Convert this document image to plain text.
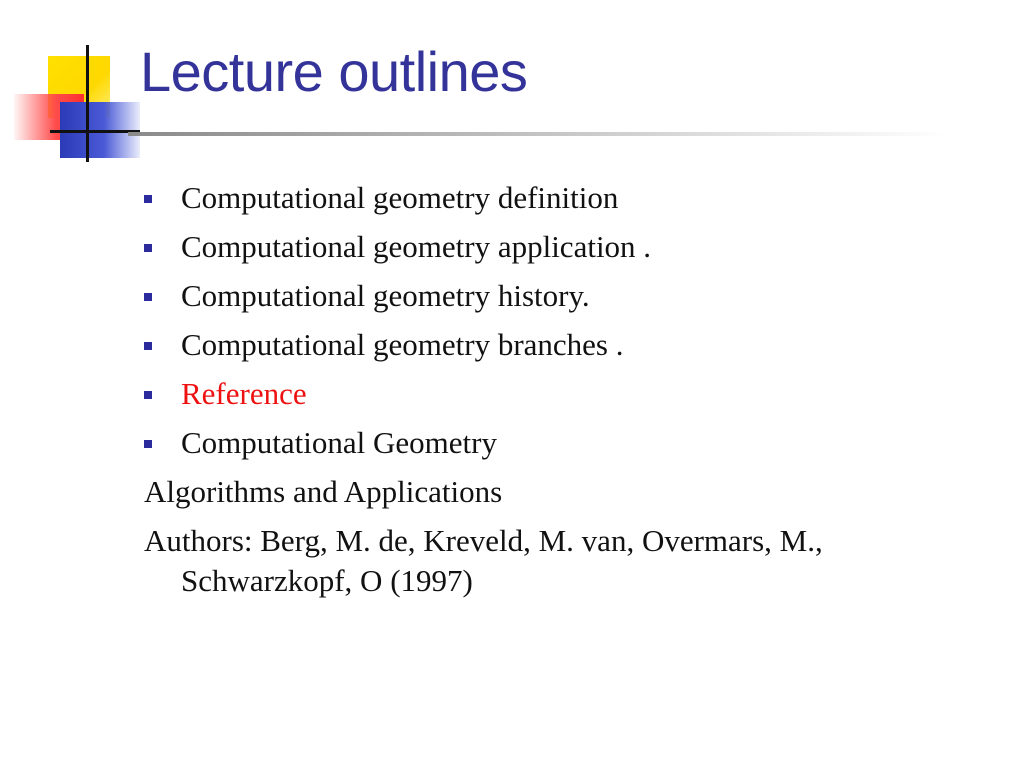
Lecture outlines
Computational geometry definition
Computational geometry application .
Computational geometry history.
Computational geometry branches .
Reference
Computational Geometry

Algorithms and Applications

Authors: Berg, M. de, Kreveld, M. van, Overmars, M., Schwarzkopf, O (1997)
